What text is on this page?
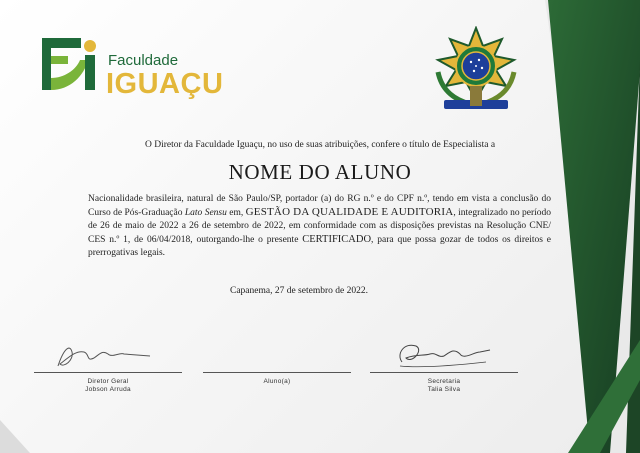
Faculdade
IGUAÇU
O Diretor da Faculdade Iguaçu, no uso de suas atribuições, confere o título de Especialista a
NOME DO ALUNO
Nacionalidade brasileira, natural de São Paulo/SP, portador (a) do RG n.º e do CPF n.º, tendo em vista a conclusão do Curso de Pós-Graduação Lato Sensu em, GESTÃO DA QUALIDADE E AUDITORIA, integralizado no período de 26 de maio de 2022 a 26 de setembro de 2022, em conformidade com as disposições previstas na Resolução CNE/ CES n.º 1, de 06/04/2018, outorgando-lhe o presente CERTIFICADO, para que possa gozar de todos os direitos e prerrogativas legais.
Capanema, 27 de setembro de 2022.
Diretor Geral
Jobson Arruda
Aluno(a)	Secretaria
Talia Silva
